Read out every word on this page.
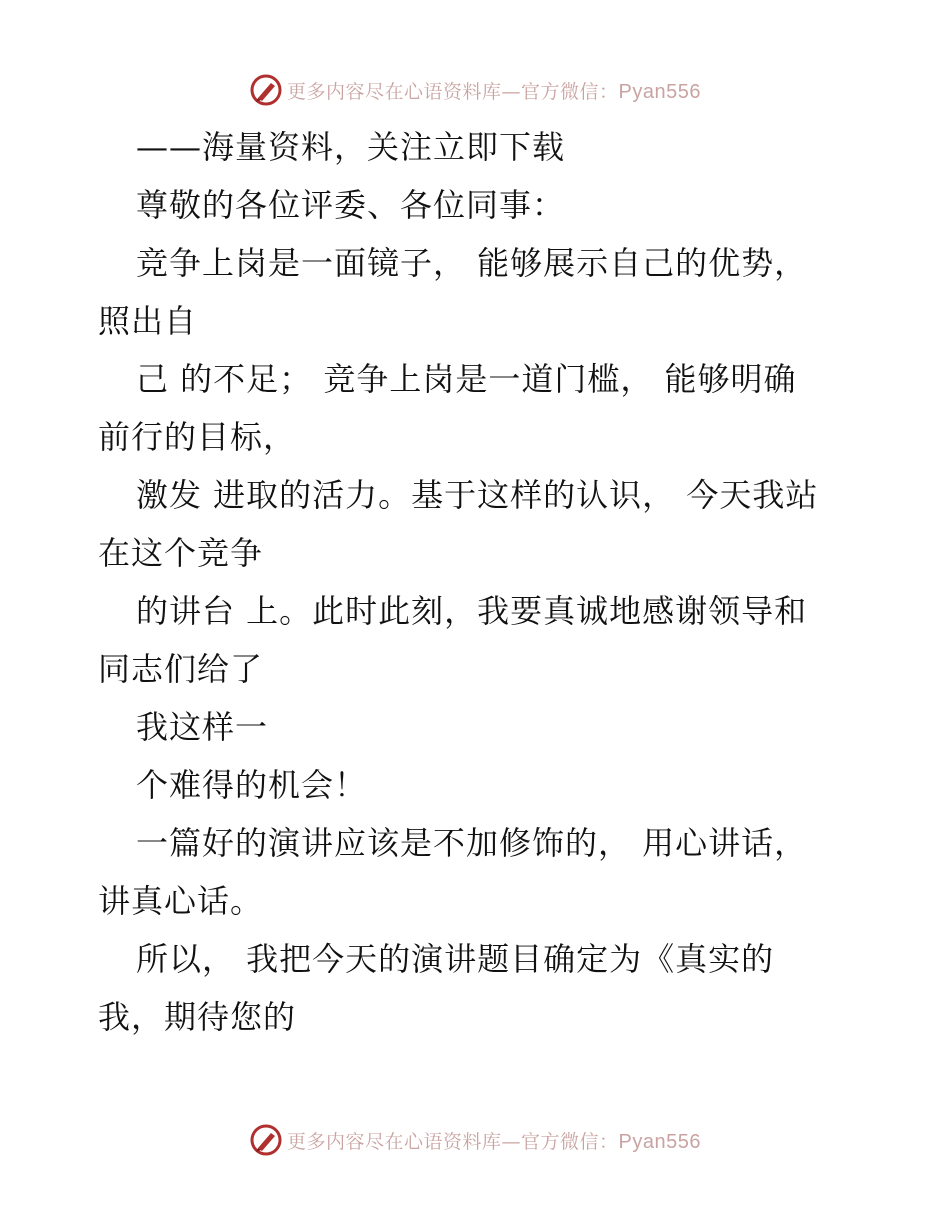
更多内容尽在心语资料库—官方微信：Pyan556
——海量资料，关注立即下载
尊敬的各位评委、各位同事：
竞争上岗是一面镜子， 能够展示自己的优势，
照出自
己 的不足； 竞争上岗是一道门槛， 能够明确
前行的目标，
激发 进取的活力。基于这样的认识， 今天我站
在这个竞争
的讲台 上。此时此刻，我要真诚地感谢领导和
同志们给了
我这样一
个难得的机会！
一篇好的演讲应该是不加修饰的， 用心讲话，
讲真心话。
所以， 我把今天的演讲题目确定为《真实的
我，期待您的
更多内容尽在心语资料库—官方微信：Pyan556
